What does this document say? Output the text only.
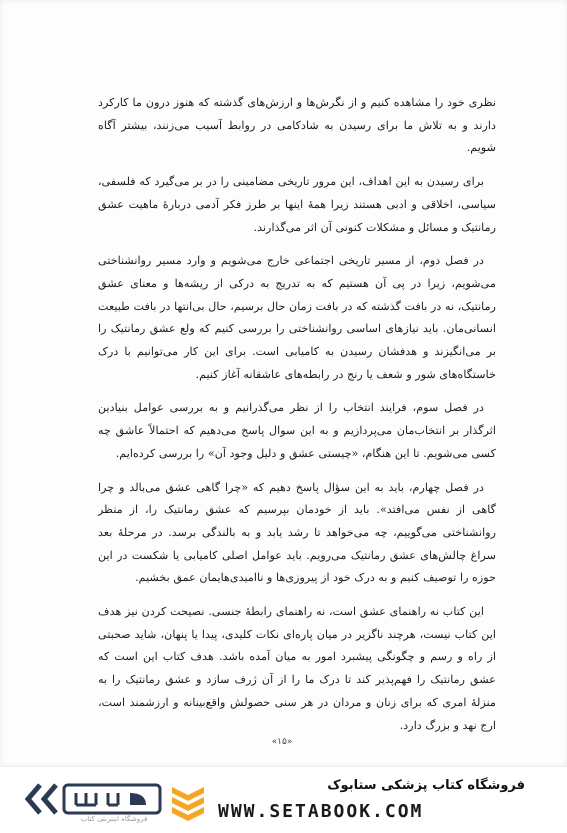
نظری خود را مشاهده کنیم و از نگرش‌ها و ارزش‌های گذشته که هنوز درون ما کارکرد دارند و به تلاش ما برای رسیدن به شادکامی در روابط آسیب می‌زنند، بیشتر آگاه شویم.

برای رسیدن به این اهداف، این مرور تاریخی مضامینی را در بر می‌گیرد که فلسفی، سیاسی، اخلاقی و ادبی هستند زیرا همهٔ اینها بر طرز فکر آدمی دربارهٔ ماهیت عشق رمانتیک و مسائل و مشکلات کنونی آن اثر می‌گذارند.

در فصل دوم، از مسیر تاریخی اجتماعی خارج می‌شویم و وارد مسیر روانشناختی می‌شویم، زیرا در پی آن هستیم که به تدریج به درکی از ریشه‌ها و معنای عشق رمانتیک، نه در بافت گذشته که در بافت زمان حال برسیم، حال بی‌انتها در بافت طبیعت انسانی‌مان. باید نیازهای اساسی روانشناختی را بررسی کنیم که ولع عشق رمانتیک را بر می‌انگیزند و هدفشان رسیدن به کامیابی است. برای این کار می‌توانیم با درک خاستگاه‌های شور و شعف یا رنج در رابطه‌های عاشقانه آغاز کنیم.

در فصل سوم، فرایند انتخاب را از نظر می‌گذرانیم و به بررسی عوامل بنیادین اثرگذار بر انتخاب‌مان می‌پردازیم و به این سوال پاسخ می‌دهیم که احتمالاً عاشق چه کسی می‌شویم. تا این هنگام، «چیستی عشق و دلیل وجود آن» را بررسی کرده‌ایم.

در فصل چهارم، باید به این سؤال پاسخ دهیم که «چرا گاهی عشق می‌بالد و چرا گاهی از نفس می‌افتد». باید از خودمان بپرسیم که عشق رمانتیک را، از منظر روانشناختی می‌گوییم، چه می‌خواهد تا رشد یابد و به بالندگی برسد. در مرحلهٔ بعد سراغ چالش‌های عشق رمانتیک می‌رویم. باید عوامل اصلی کامیابی یا شکست در این حوزه را توصیف کنیم و به درک خود از پیروزی‌ها و ناامیدی‌هایمان عمق بخشیم.

این کتاب نه راهنمای عشق است، نه راهنمای رابطهٔ جنسی. نصیحت کردن نیز هدف این کتاب نیست، هرچند ناگزیر در میان پاره‌ای نکات کلیدی، پیدا یا پنهان، شاید صحبتی از راه و رسم و چگونگی پیشبرد امور به میان آمده باشد. هدف کتاب این است که عشق رمانتیک را فهم‌پذیر کند تا درک ما را از آن ژرف سازد و عشق رمانتیک را به منزلهٔ امری که برای زنان و مردان در هر سنی حصولش واقع‌بینانه و ارزشمند است، ارج نهد و بزرگ دارد.

«۱۵»
فروشگاه اینترنتی کتاب
فروشگاه کتاب پزشکی ستابوک
WWW.SETABOOK.COM
